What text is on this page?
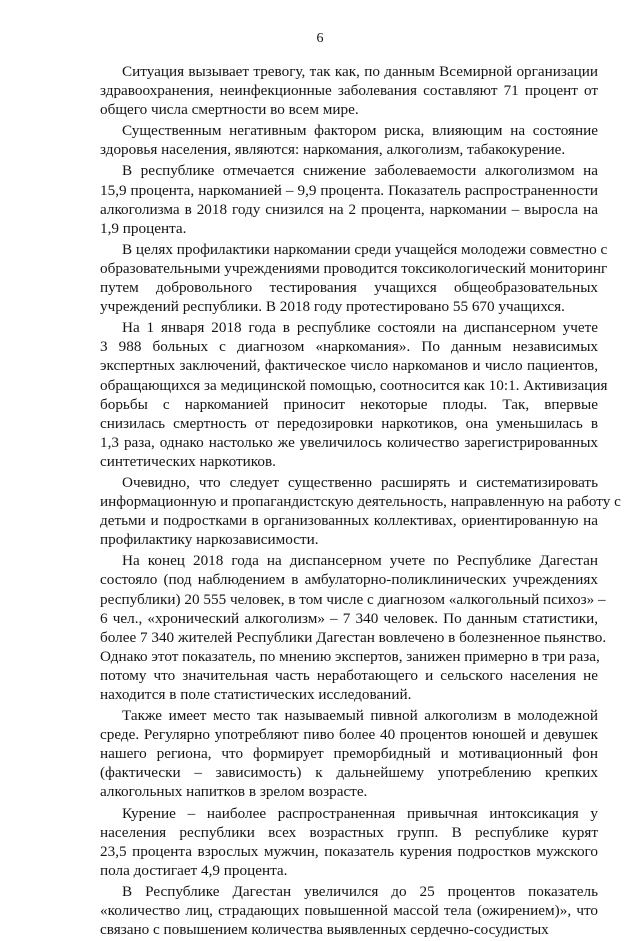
6
Ситуация вызывает тревогу, так как, по данным Всемирной организации
здравоохранения, неинфекционные заболевания составляют 71 процент от
общего числа смертности во всем мире.
Существенным негативным фактором риска, влияющим на состояние
здоровья населения, являются: наркомания, алкоголизм, табакокурение.
В республике отмечается снижение заболеваемости алкоголизмом на
15,9 процента, наркоманией – 9,9 процента. Показатель распространенности
алкоголизма в 2018 году снизился на 2 процента, наркомании – выросла на
1,9 процента.
В целях профилактики наркомании среди учащейся молодежи совместно с
образовательными учреждениями проводится токсикологический мониторинг
путем добровольного тестирования учащихся общеобразовательных
учреждений республики. В 2018 году протестировано 55 670 учащихся.
На 1 января 2018 года в республике состояли на диспансерном учете
3 988 больных с диагнозом «наркомания». По данным независимых
экспертных заключений, фактическое число наркоманов и число пациентов,
обращающихся за медицинской помощью, соотносится как 10:1. Активизация
борьбы с наркоманией приносит некоторые плоды. Так, впервые
снизилась смертность от передозировки наркотиков, она уменьшилась в
1,3 раза, однако настолько же увеличилось количество зарегистрированных
синтетических наркотиков.
Очевидно, что следует существенно расширять и систематизировать
информационную и пропагандистскую деятельность, направленную на работу с
детьми и подростками в организованных коллективах, ориентированную на
профилактику наркозависимости.
На конец 2018 года на диспансерном учете по Республике Дагестан
состояло (под наблюдением в амбулаторно-поликлинических учреждениях
республики) 20 555 человек, в том числе с диагнозом «алкогольный психоз» –
6 чел., «хронический алкоголизм» – 7 340 человек. По данным статистики,
более 7 340 жителей Республики Дагестан вовлечено в болезненное пьянство.
Однако этот показатель, по мнению экспертов, занижен примерно в три раза,
потому что значительная часть неработающего и сельского населения не
находится в поле статистических исследований.
Также имеет место так называемый пивной алкоголизм в молодежной
среде. Регулярно употребляют пиво более 40 процентов юношей и девушек
нашего региона, что формирует преморбидный и мотивационный фон
(фактически – зависимость) к дальнейшему употреблению крепких
алкогольных напитков в зрелом возрасте.
Курение – наиболее распространенная привычная интоксикация у
населения республики всех возрастных групп. В республике курят
23,5 процента взрослых мужчин, показатель курения подростков мужского
пола достигает 4,9 процента.
В Республике Дагестан увеличился до 25 процентов показатель
«количество лиц, страдающих повышенной массой тела (ожирением)», что
связано с повышением количества выявленных сердечно-сосудистых
